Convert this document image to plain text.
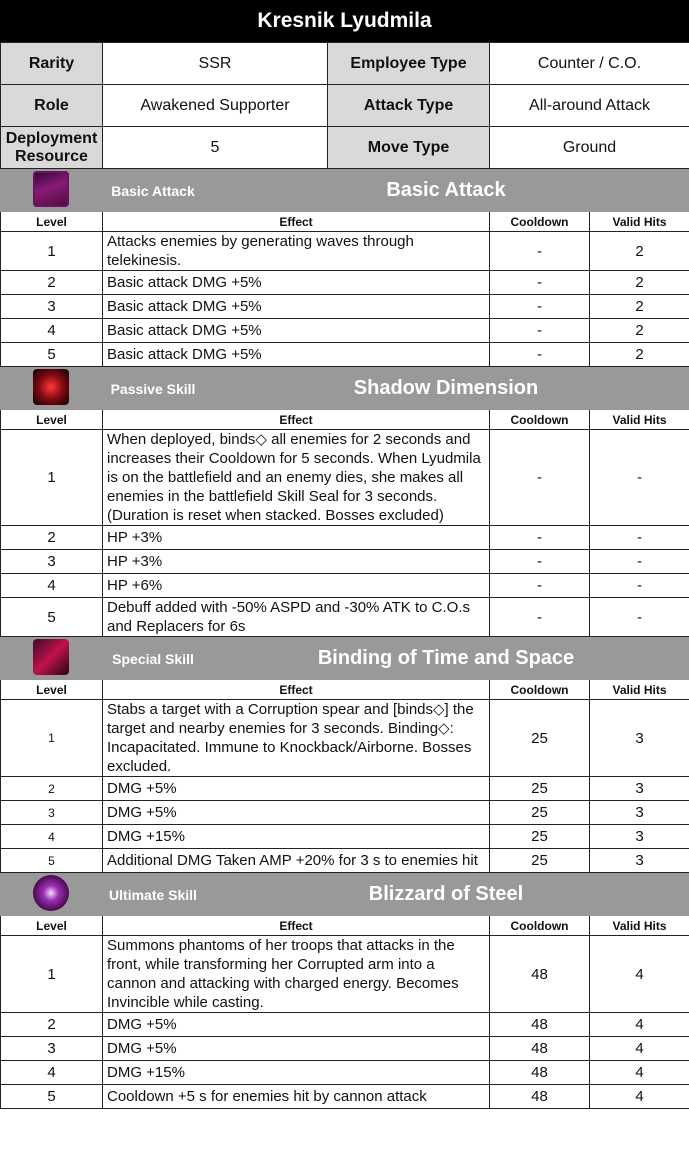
Kresnik Lyudmila
Rarity	SSR	Employee Type	Counter / C.O.
Role	Awakened Supporter	Attack Type	All-around Attack
Deployment Resource	5	Move Type	Ground

	Basic Attack Basic Attack		

Level	Effect	Cooldown	Valid Hits
1	Attacks enemies by generating waves through telekinesis.	-	2
2	Basic attack DMG +5%	-	2
3	Basic attack DMG +5%	-	2
4	Basic attack DMG +5%	-	2
5	Basic attack DMG +5%	-	2

	Passive Skill Shadow Dimension		

Level	Effect	Cooldown	Valid Hits
1	When deployed, binds◇ all enemies for 2 seconds and increases their Cooldown for 5 seconds. When Lyudmila is on the battlefield and an enemy dies, she makes all enemies in the battlefield Skill Seal for 3 seconds. (Duration is reset when stacked. Bosses excluded)	-	-
2	HP +3%	-	-
3	HP +3%	-	-
4	HP +6%	-	-
5	Debuff added with -50% ASPD and -30% ATK to C.O.s and Replacers for 6s	-	-

	Special Skill Binding of Time and Space		

Level	Effect	Cooldown	Valid Hits
1	Stabs a target with a Corruption spear and [binds◇] the target and nearby enemies for 3 seconds. Binding◇: Incapacitated. Immune to Knockback/Airborne. Bosses excluded.	25	3
2	DMG +5%	25	3
3	DMG +5%	25	3
4	DMG +15%	25	3
5	Additional DMG Taken AMP +20% for 3 s to enemies hit	25	3

	Ultimate Skill Blizzard of Steel		

Level	Effect	Cooldown	Valid Hits
1	Summons phantoms of her troops that attacks in the front, while transforming her Corrupted arm into a cannon and attacking with charged energy. Becomes Invincible while casting.	48	4
2	DMG +5%	48	4
3	DMG +5%	48	4
4	DMG +15%	48	4
5	Cooldown +5 s for enemies hit by cannon attack	48	4
